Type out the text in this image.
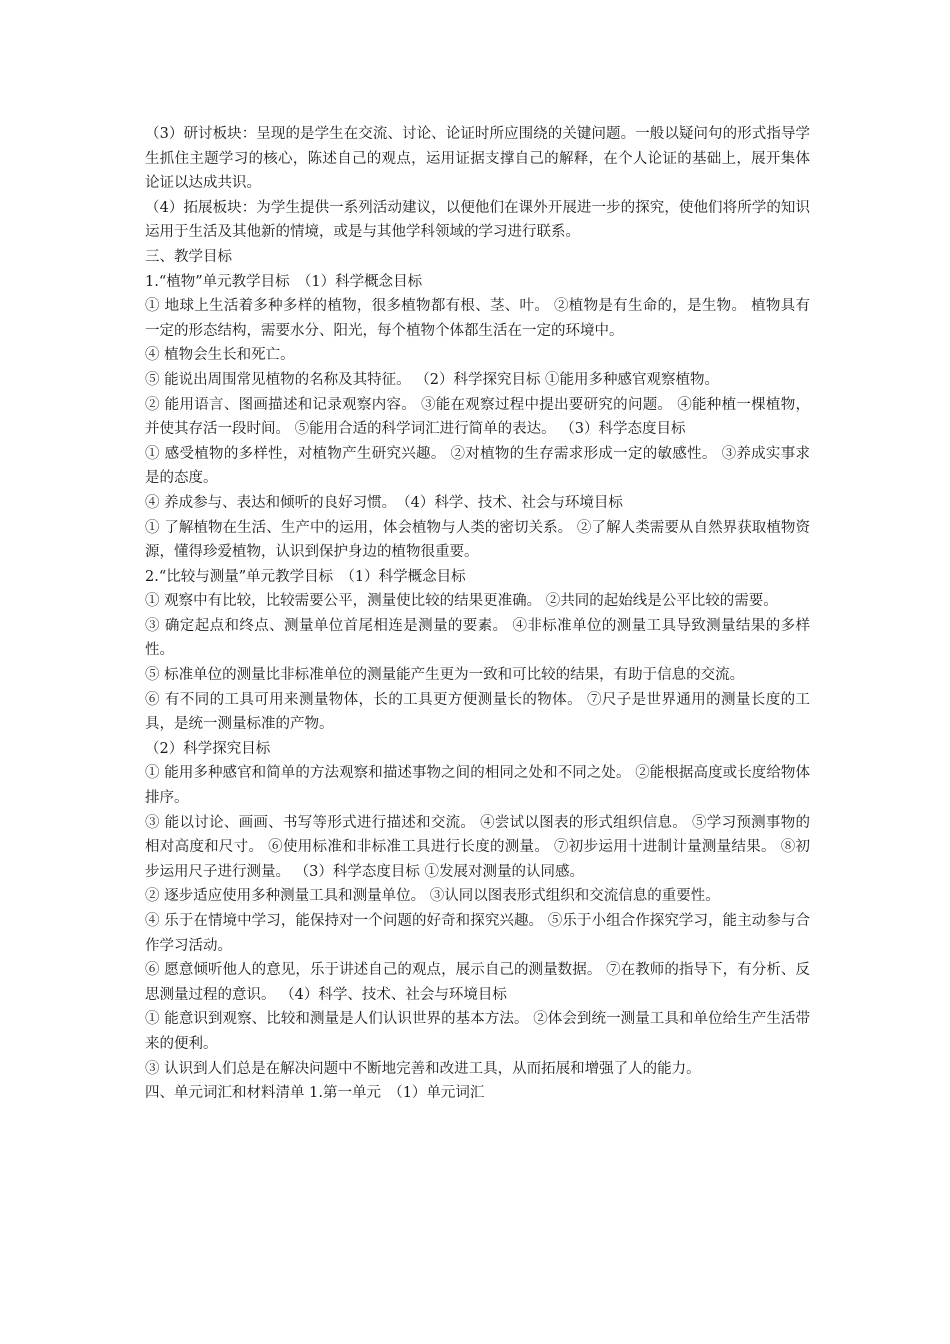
（3）研讨板块：呈现的是学生在交流、讨论、论证时所应围绕的关键问题。一般以疑问句的形式指导学生抓住主题学习的核心，陈述自己的观点，运用证据支撑自己的解释，在个人论证的基础上，展开集体论证以达成共识。

（4）拓展板块：为学生提供一系列活动建议，以便他们在课外开展进一步的探究，使他们将所学的知识运用于生活及其他新的情境，或是与其他学科领域的学习进行联系。

三、教学目标

1.“植物”单元教学目标　（1）科学概念目标

① 地球上生活着多种多样的植物，很多植物都有根、茎、叶。 ②植物是有生命的，是生物。 植物具有一定的形态结构，需要水分、阳光，每个植物个体都生活在一定的环境中。

④ 植物会生长和死亡。

⑤ 能说出周围常见植物的名称及其特征。 （2）科学探究目标 ①能用多种感官观察植物。

② 能用语言、图画描述和记录观察内容。 ③能在观察过程中提出要研究的问题。 ④能种植一棵植物，并使其存活一段时间。 ⑤能用合适的科学词汇进行简单的表达。 （3）科学态度目标

① 感受植物的多样性，对植物产生研究兴趣。 ②对植物的生存需求形成一定的敏感性。 ③养成实事求是的态度。

④ 养成参与、表达和倾听的良好习惯。　（4）科学、技术、社会与环境目标

① 了解植物在生活、生产中的运用，体会植物与人类的密切关系。 ②了解人类需要从自然界获取植物资源，懂得珍爱植物，认识到保护身边的植物很重要。

2.“比较与测量”单元教学目标　（1）科学概念目标

① 观察中有比较，比较需要公平，测量使比较的结果更准确。 ②共同的起始线是公平比较的需要。

③ 确定起点和终点、测量单位首尾相连是测量的要素。 ④非标准单位的测量工具导致测量结果的多样性。

⑤ 标准单位的测量比非标准单位的测量能产生更为一致和可比较的结果，有助于信息的交流。

⑥ 有不同的工具可用来测量物体，长的工具更方便测量长的物体。 ⑦尺子是世界通用的测量长度的工具，是统一测量标准的产物。

（2）科学探究目标

① 能用多种感官和简单的方法观察和描述事物之间的相同之处和不同之处。 ②能根据高度或长度给物体排序。

③ 能以讨论、画画、书写等形式进行描述和交流。 ④尝试以图表的形式组织信息。 ⑤学习预测事物的相对高度和尺寸。 ⑥使用标准和非标准工具进行长度的测量。 ⑦初步运用十进制计量测量结果。 ⑧初步运用尺子进行测量。 （3）科学态度目标 ①发展对测量的认同感。

② 逐步适应使用多种测量工具和测量单位。 ③认同以图表形式组织和交流信息的重要性。

④ 乐于在情境中学习，能保持对一个问题的好奇和探究兴趣。 ⑤乐于小组合作探究学习，能主动参与合作学习活动。

⑥ 愿意倾听他人的意见，乐于讲述自己的观点，展示自己的测量数据。 ⑦在教师的指导下，有分析、反思测量过程的意识。 （4）科学、技术、社会与环境目标

① 能意识到观察、比较和测量是人们认识世界的基本方法。 ②体会到统一测量工具和单位给生产生活带来的便利。

③ 认识到人们总是在解决问题中不断地完善和改进工具，从而拓展和增强了人的能力。

四、单元词汇和材料清单 1.第一单元　（1）单元词汇
